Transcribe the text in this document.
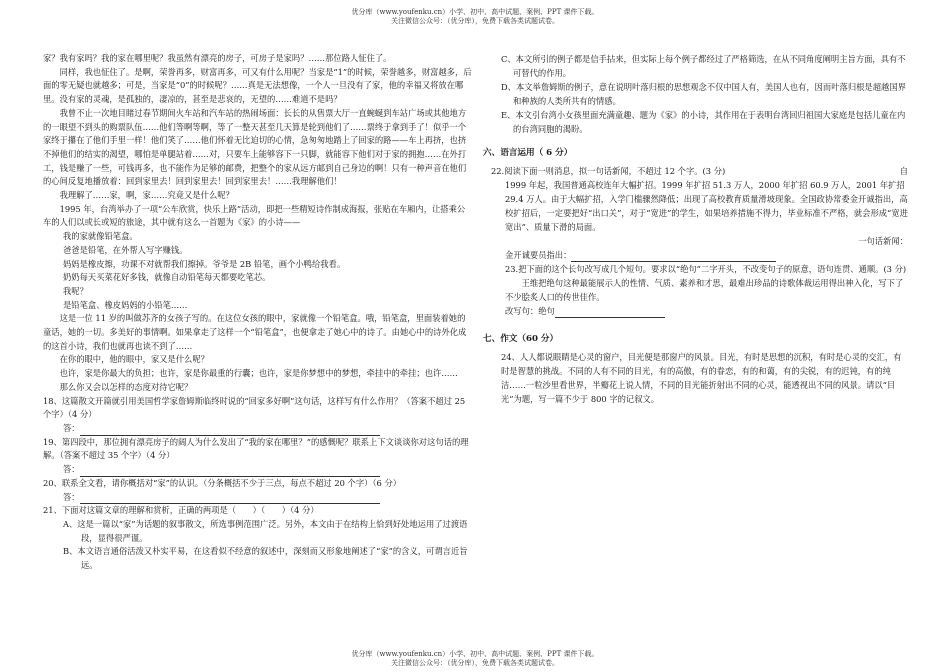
优分库（www.youfenku.cn）小学、初中、高中试题、案例、PPT 课件下载。
关注微信公众号：（优分库），免费下载各类试题试卷。

家？我有家吗？我的家在哪里呢？我虽然有漂亮的房子，可房子是家吗？……那位路人怔住了。

同样，我也怔住了。是啊，荣誉再多，财富再多，可又有什么用呢？当家是“1”的时候，荣誉越多，财富越多，后面的零无疑也就越多；可是，当家是“0”的时候呢？……真是无法想像，一个人一旦没有了家，他的幸福又将放在哪里。没有家的灵魂，是孤独的，凄凉的，甚至是悲哀的，无望的……难道不是吗？

我曾不止一次地目睹过春节期间火车站和汽车站的热闹场面：长长的从售票大厅一直蜿蜒到车站广场或其他地方的一眼望不到头的购票队伍……他们等啊等啊，等了一整天甚至几天算是轮到他们了……票终于拿到手了！似乎一个家终于攥在了他们手里一样！他们笑了……他们怀着无比迫切的心情，急匆匆地踏上了回家的路——车上再挤，也挤不掉他们的结实的渴望，哪怕是单腿站着……对，只要车上能够容下一只脚，就能容下他们对于家的拥抱……在外打工，钱是赚了一些，可钱再多，也不能作为足够的邮费，把整个的家从远方邮到自己身边的啊！只有一种声音在他们的心间反复地播放着：回到家里去！回到家里去！回到家里去！……我理解他们！

我理解了……家，啊，家……究竟又是什么呢？

1995 年，台湾举办了一项“公车欣赏，快乐上路”活动，即把一些精短诗作制成海报，张贴在车厢内，让搭乘公车的人们以或长或短的旅途，其中就有这么一首题为《家》的小诗——

我的家就像铅笔盒。

爸爸是铅笔，在外帮人写字赚钱。

妈妈是橡皮擦，功课不对就帮我们擦掉。爷爷是 2B 铅笔，画个小鸭给我看。

奶奶每天买菜花好多钱，就像自动铅笔每天都要吃笔芯。

我呢？

是铅笔盒、橡皮妈妈的小铅笔……

这是一位 11 岁的叫做苏齐的女孩子写的。在这位女孩的眼中，家就像一个铅笔盒。哦，铅笔盒，里面装着她的童话，她的一切。多美好的事情啊。如果拿走了这样一个“铅笔盒”，也便拿走了她心中的诗了。由她心中的诗外化成的这首小诗，我们也就再也读不到了……

在你的眼中，他的眼中，家又是什么呢？

也许，家是你最大的负担；也许，家是你最重的行囊；也许，家是你梦想中的梦想，牵挂中的牵挂；也许……

那么你又会以怎样的态度对待它呢？

18、这篇散文开篇就引用美国哲学家詹姆斯临终时说的“回家多好啊”这句话，这样写有什么作用？（答案不超过 25 个字）（4 分）

答：

19、第四段中，那位拥有漂亮房子的阔人为什么发出了“我的家在哪里？”的感慨呢？联系上下文谈谈你对这句话的理解。（答案不超过 35 个字）（4 分）

答：

20、联系全文看，请你概括对“家”的认识。（分条概括不少于三点，每点不超过 20 个字）（6 分）

答：

21、下面对这篇文章的理解和赏析，正确的两项是（　　）（　　）（4 分）

A、这是一篇以“家”为话题的叙事散文，所选事例范围广泛。另外，本文由于在结构上恰到好处地运用了过渡语段，显得很严谨。

B、本文语言通俗活泼又朴实平易，在这看似不经意的叙述中，深刻而又形象地阐述了“家”的含义，可谓言近旨远。

C、本文所引的例子都是信手拈来，但实际上每个例子都经过了严格筛选，在从不同角度阐明主旨方面，具有不可替代的作用。

D、本文举詹姆斯的例子，意在说明叶落归根的思想观念不仅中国人有，美国人也有，因而叶落归根是超越国界和种族的人类所共有的情感。

E、本文引台湾小女孩里面充满童趣、题为《家》的小诗，其作用在于表明台湾回归祖国大家庭是包括儿童在内的台湾同胞的渴盼。

六、语言运用（ 6 分）

22.阅读下面一则消息，拟一句话新闻，不超过 12 个字。(3 分)	自

1999 年起，我国普通高校连年大幅扩招。1999 年扩招 51.3 万人，2000 年扩招 60.9 万人，2001 年扩招 29.4 万人。由于大幅扩招，入学门槛骤然降低；出现了高校教育质量滑坡现象。全国政协常委金开诚指出，高校扩招后，一定要把好“出口关”，对于“宽进”的学生，如果培养措施不得力，毕业标准不严格，就会形成“宽进宽出”、质量下滑的局面。

一句话新闻：

金开诚要员指出：

23.把下面的这个长句改写成几个短句。要求以“绝句”二字开头，不改变句子的原意，语句连贯、通顺。(3 分)

王维把绝句这种最能展示人的性情、气质、素养和才思，最难出珍品的诗歌体裁运用得出神入化，写下了不少脍炙人口的传世佳作。

改写句：绝句

七、作文（60 分）

24、人人都说眼睛是心灵的窗户，目光便是那窗户的风景。目光，有时是思想的沉积，有时是心灵的交汇，有时是智慧的挑战。不同的人有不同的目光，有的高傲，有的眷恋，有的和蔼，有的尖锐，有的迟钝，有的纯洁……一粒沙里看世界，半瓣花上说人情，不同的目光能折射出不同的心灵，能透视出不同的风景。请以“目光”为题，写一篇不少于 800 字的记叙文。

优分库（www.youfenku.cn）小学、初中、高中试题、案例、PPT 课件下载。
关注微信公众号：（优分库），免费下载各类试题试卷。
